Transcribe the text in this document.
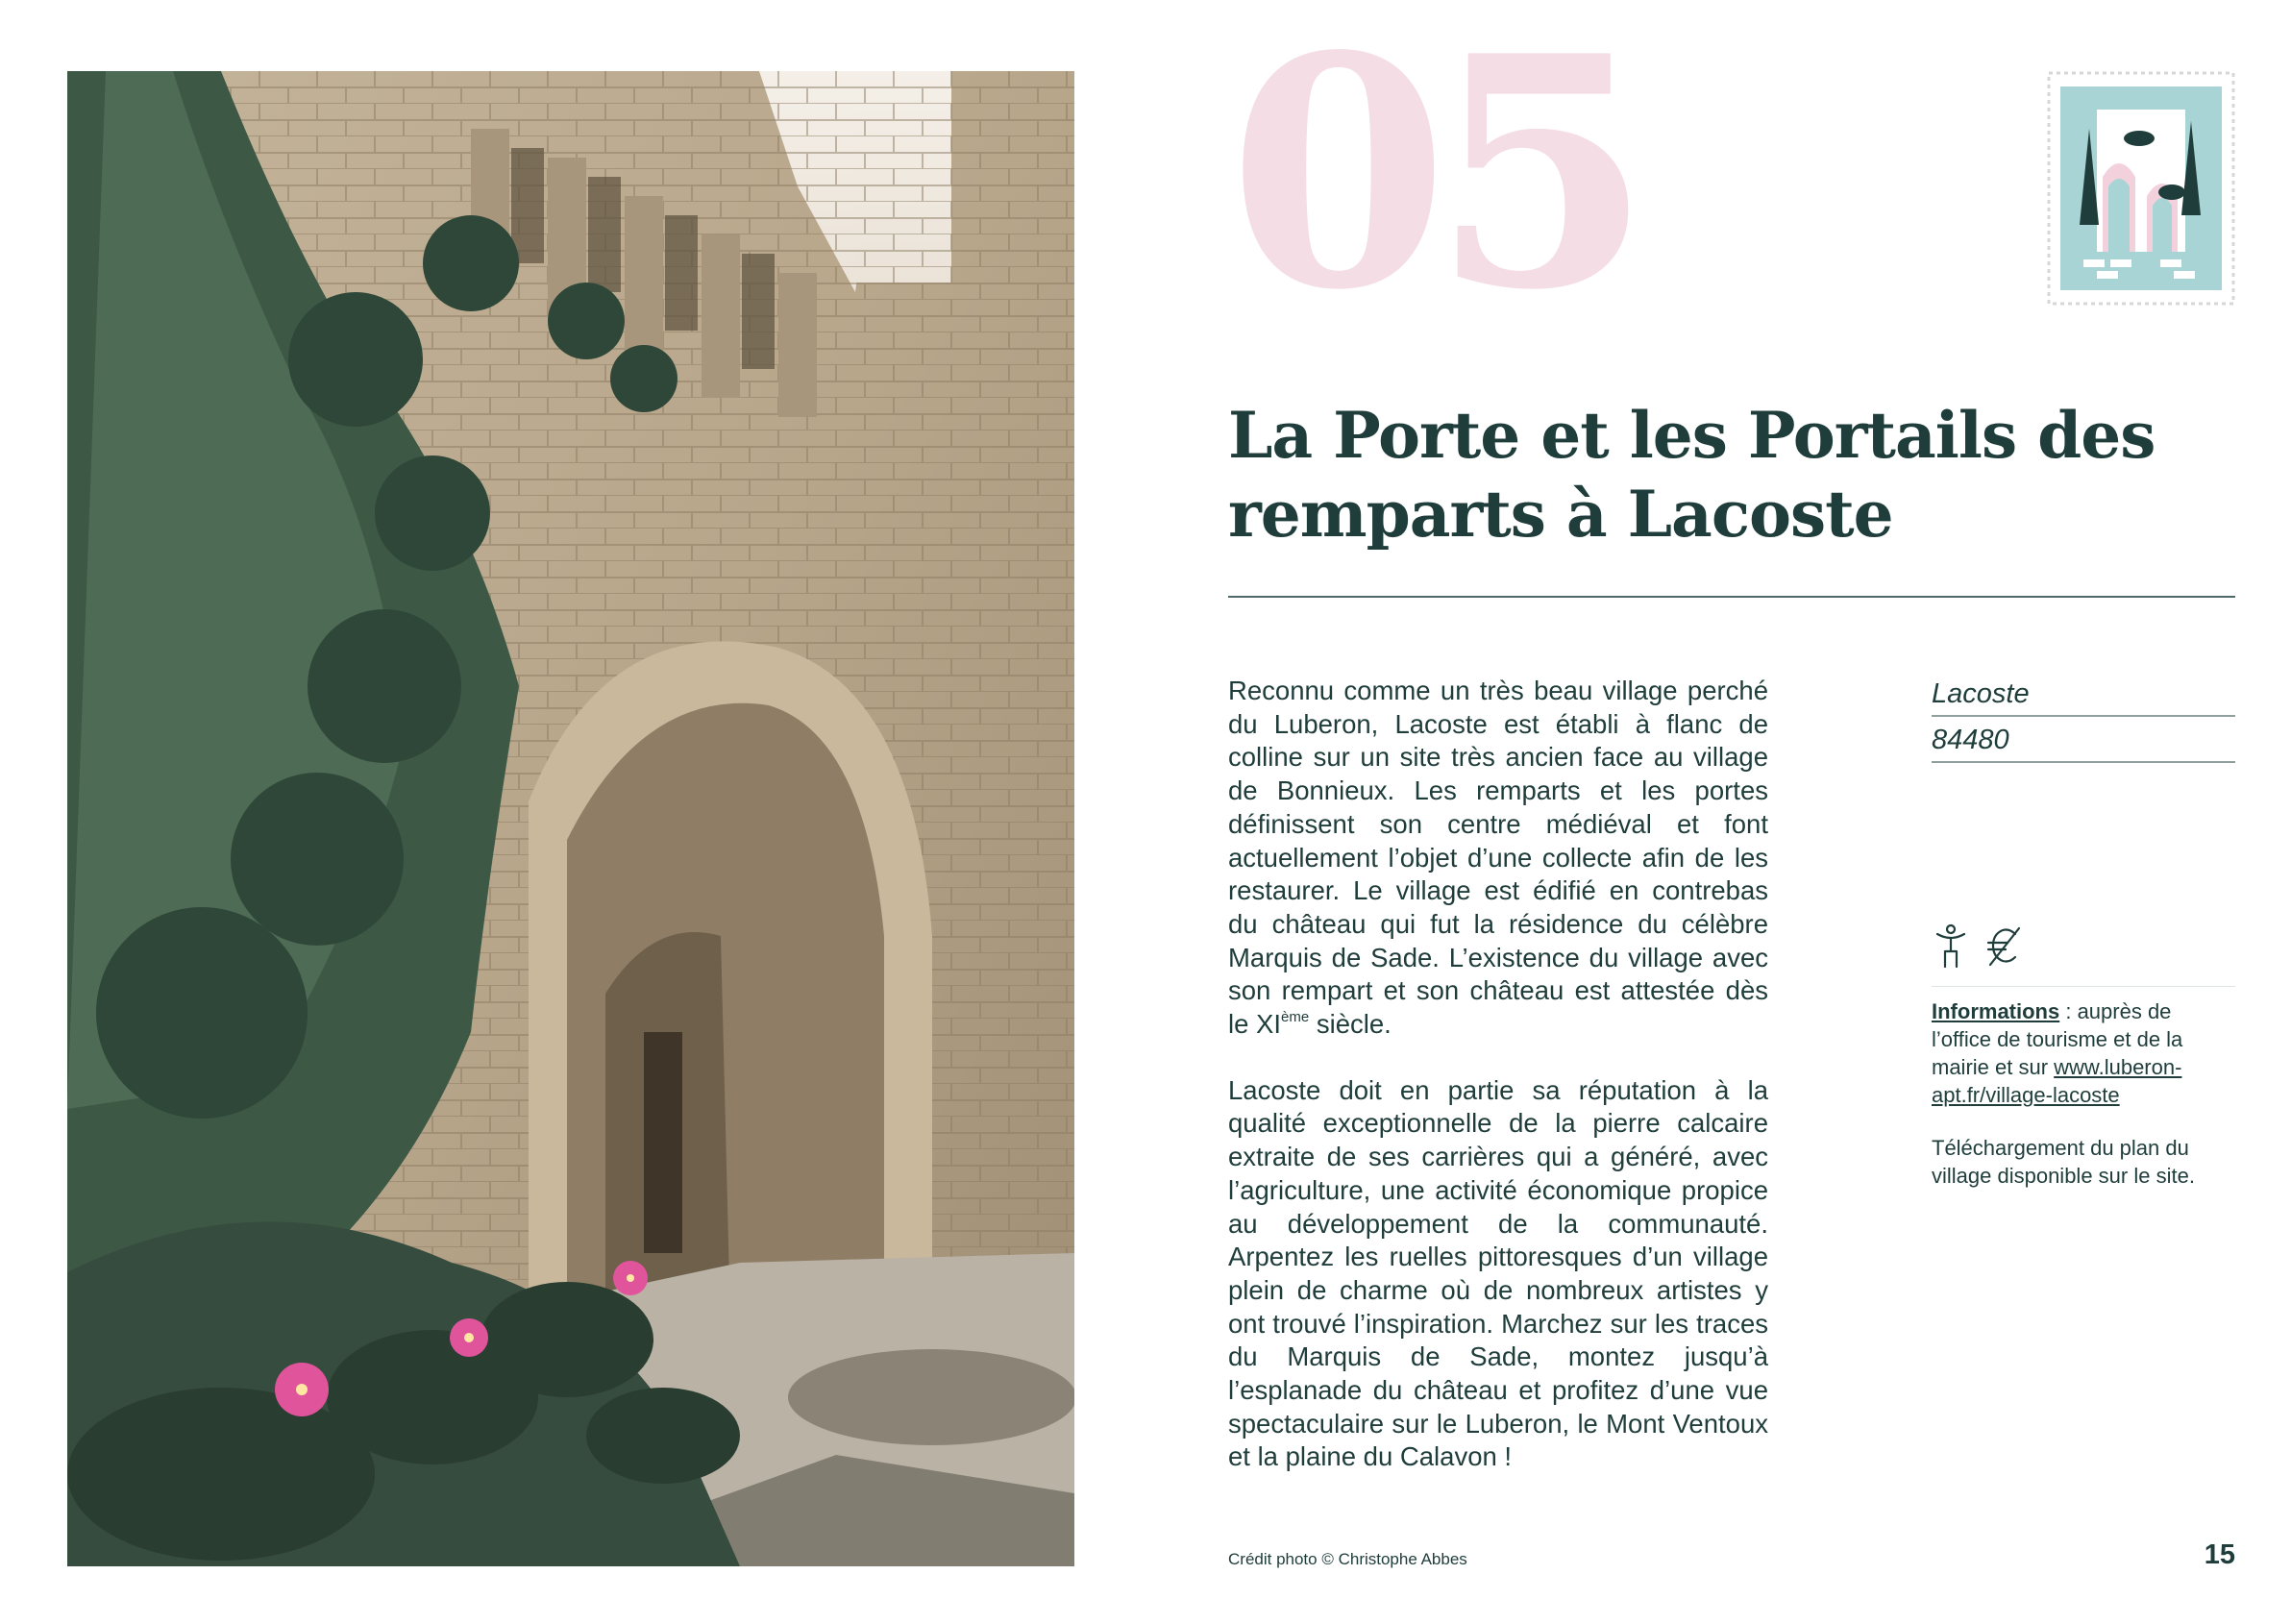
05
La Porte et les Portails des remparts à Lacoste

Reconnu comme un très beau village perché du Luberon, Lacoste est établi à flanc de colline sur un site très ancien face au village de Bonnieux. Les remparts et les portes définissent son centre médiéval et font actuellement l’objet d’une collecte afin de les restaurer. Le village est édifié en contrebas du château qui fut la résidence du célèbre Marquis de Sade. L’existence du village avec son rempart et son château est attestée dès le XIème siècle.

Lacoste doit en partie sa réputation à la qualité exceptionnelle de la pierre calcaire extraite de ses carrières qui a généré, avec l’agriculture, une activité économique propice au développement de la communauté. Arpentez les ruelles pittoresques d’un village plein de charme où de nombreux artistes y ont trouvé l’inspiration. Marchez sur les traces du Marquis de Sade, montez jusqu’à l’esplanade du château et profitez d’une vue spectaculaire sur le Luberon, le Mont Ventoux et la plaine du Calavon !

Lacoste
84480

Informations : auprès de l’office de tourisme et de la mairie et sur www.luberon-apt.fr/village-lacoste

Téléchargement du plan du village disponible sur le site.

Crédit photo © Christophe Abbes	15
